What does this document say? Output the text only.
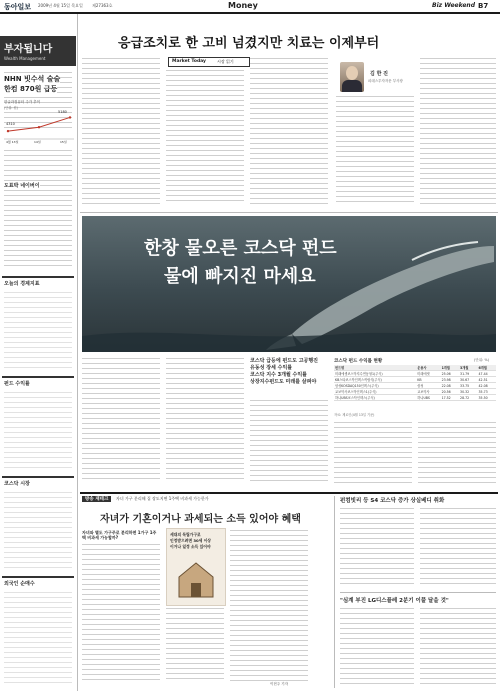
동아일보 2009년 4월 15일 목요일 제27363호	Money	Biz Weekend B7
부자됩니다
Wealth Management
NHN 빗수석 술술
한컴 870원 급등
한글과컴퓨터 주가 추이
(단위: 원)
5180
4310
4월 13일	14일	15일
도표박 네이버이
오늘의 경제지표
펀드 수익률
코스닥 시장
외국인 순매수
응급조치로 한 고비 넘겼지만 치료는 이제부터
Market Today	시장 읽기
김 한 진
피데스투자자문 부사장
한창 물오른 코스닥 펀드
물에 빠지진 마세요
코스닥 급등에 펀드도 고공행진
유동성 장세 수익률
코스닥 지수 3개월 수익률
상장지수펀드도 미래를 살펴야
코스닥 펀드 수익률 현황	(단위: %)
펀드명	운용사	1개월	3개월	6개월
미래에셋코스닥지수연동형1(주식)	미래에셋	25.06	31.79	47.44
KB스타코스닥인덱스적립식(주식)	KB	23.98	30.67	42.51
삼성KOSDAQ150인덱스(주식)	삼성	22.08	33.75	42.08
교보악사코스닥인덱스1(주식)	교보악사	20.56	30.32	35.73
하나UBS코스닥인덱스(주식)	하나UBS	17.52	28.72	35.50
자료: 제로인(4월 13일 기준)
방송 재테크	자녀 가구 분리해 집 장도지면 1주택 비과세 가능한가
자녀가 기혼이거나 과세되는 소득 있어야 혜택
자녀와 별도 가구주로 분리하면 1가구 1주택 비과세 가능할까?
세대의 독립가구로
인정받으려면 30세 이상
이거나 일정 소득 있어야
이현주 기자
펀컴빗리 등 S4 코스닥 증가 상실베디 취화
"심계 부진 LG디스플레 2분기 이풀 달을 것"
